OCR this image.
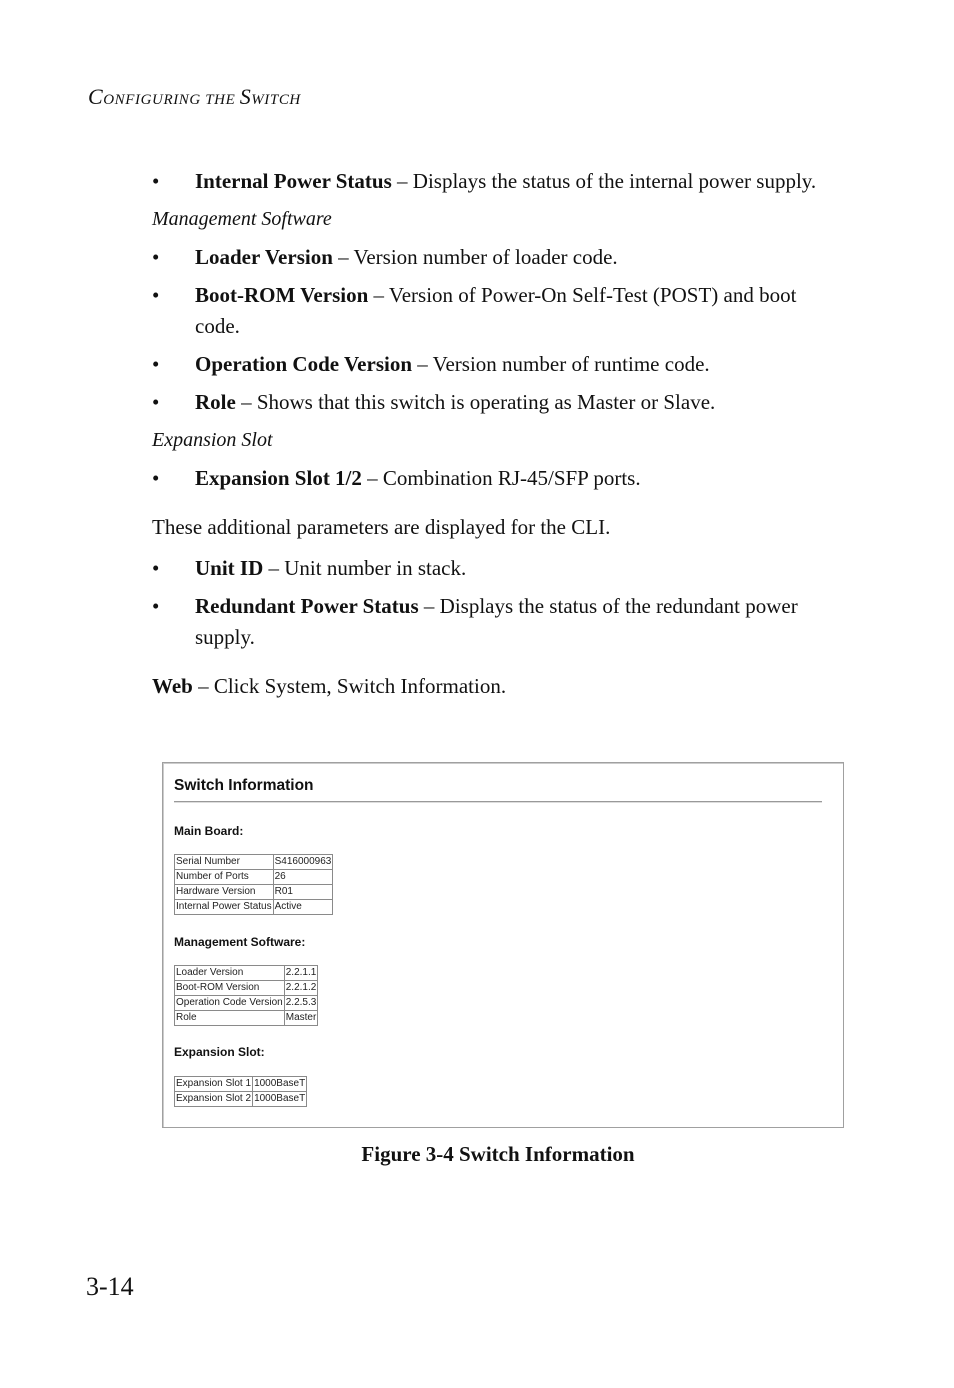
CONFIGURING THE SWITCH
• Internal Power Status – Displays the status of the internal power supply.
Management Software
• Loader Version – Version number of loader code.
• Boot-ROM Version – Version of Power-On Self-Test (POST) and boot code.
• Operation Code Version – Version number of runtime code.
• Role – Shows that this switch is operating as Master or Slave.
Expansion Slot
• Expansion Slot 1/2 – Combination RJ-45/SFP ports.
These additional parameters are displayed for the CLI.
• Unit ID – Unit number in stack.
• Redundant Power Status – Displays the status of the redundant power supply.
Web – Click System, Switch Information.
Switch Information
Main Board:
Serial Number	S416000963
Number of Ports	26
Hardware Version	R01
Internal Power Status	Active
Management Software:
Loader Version	2.2.1.1
Boot-ROM Version	2.2.1.2
Operation Code Version	2.2.5.3
Role	Master
Expansion Slot:
Expansion Slot 1	1000BaseT
Expansion Slot 2	1000BaseT
Figure 3-4 Switch Information
3-14
